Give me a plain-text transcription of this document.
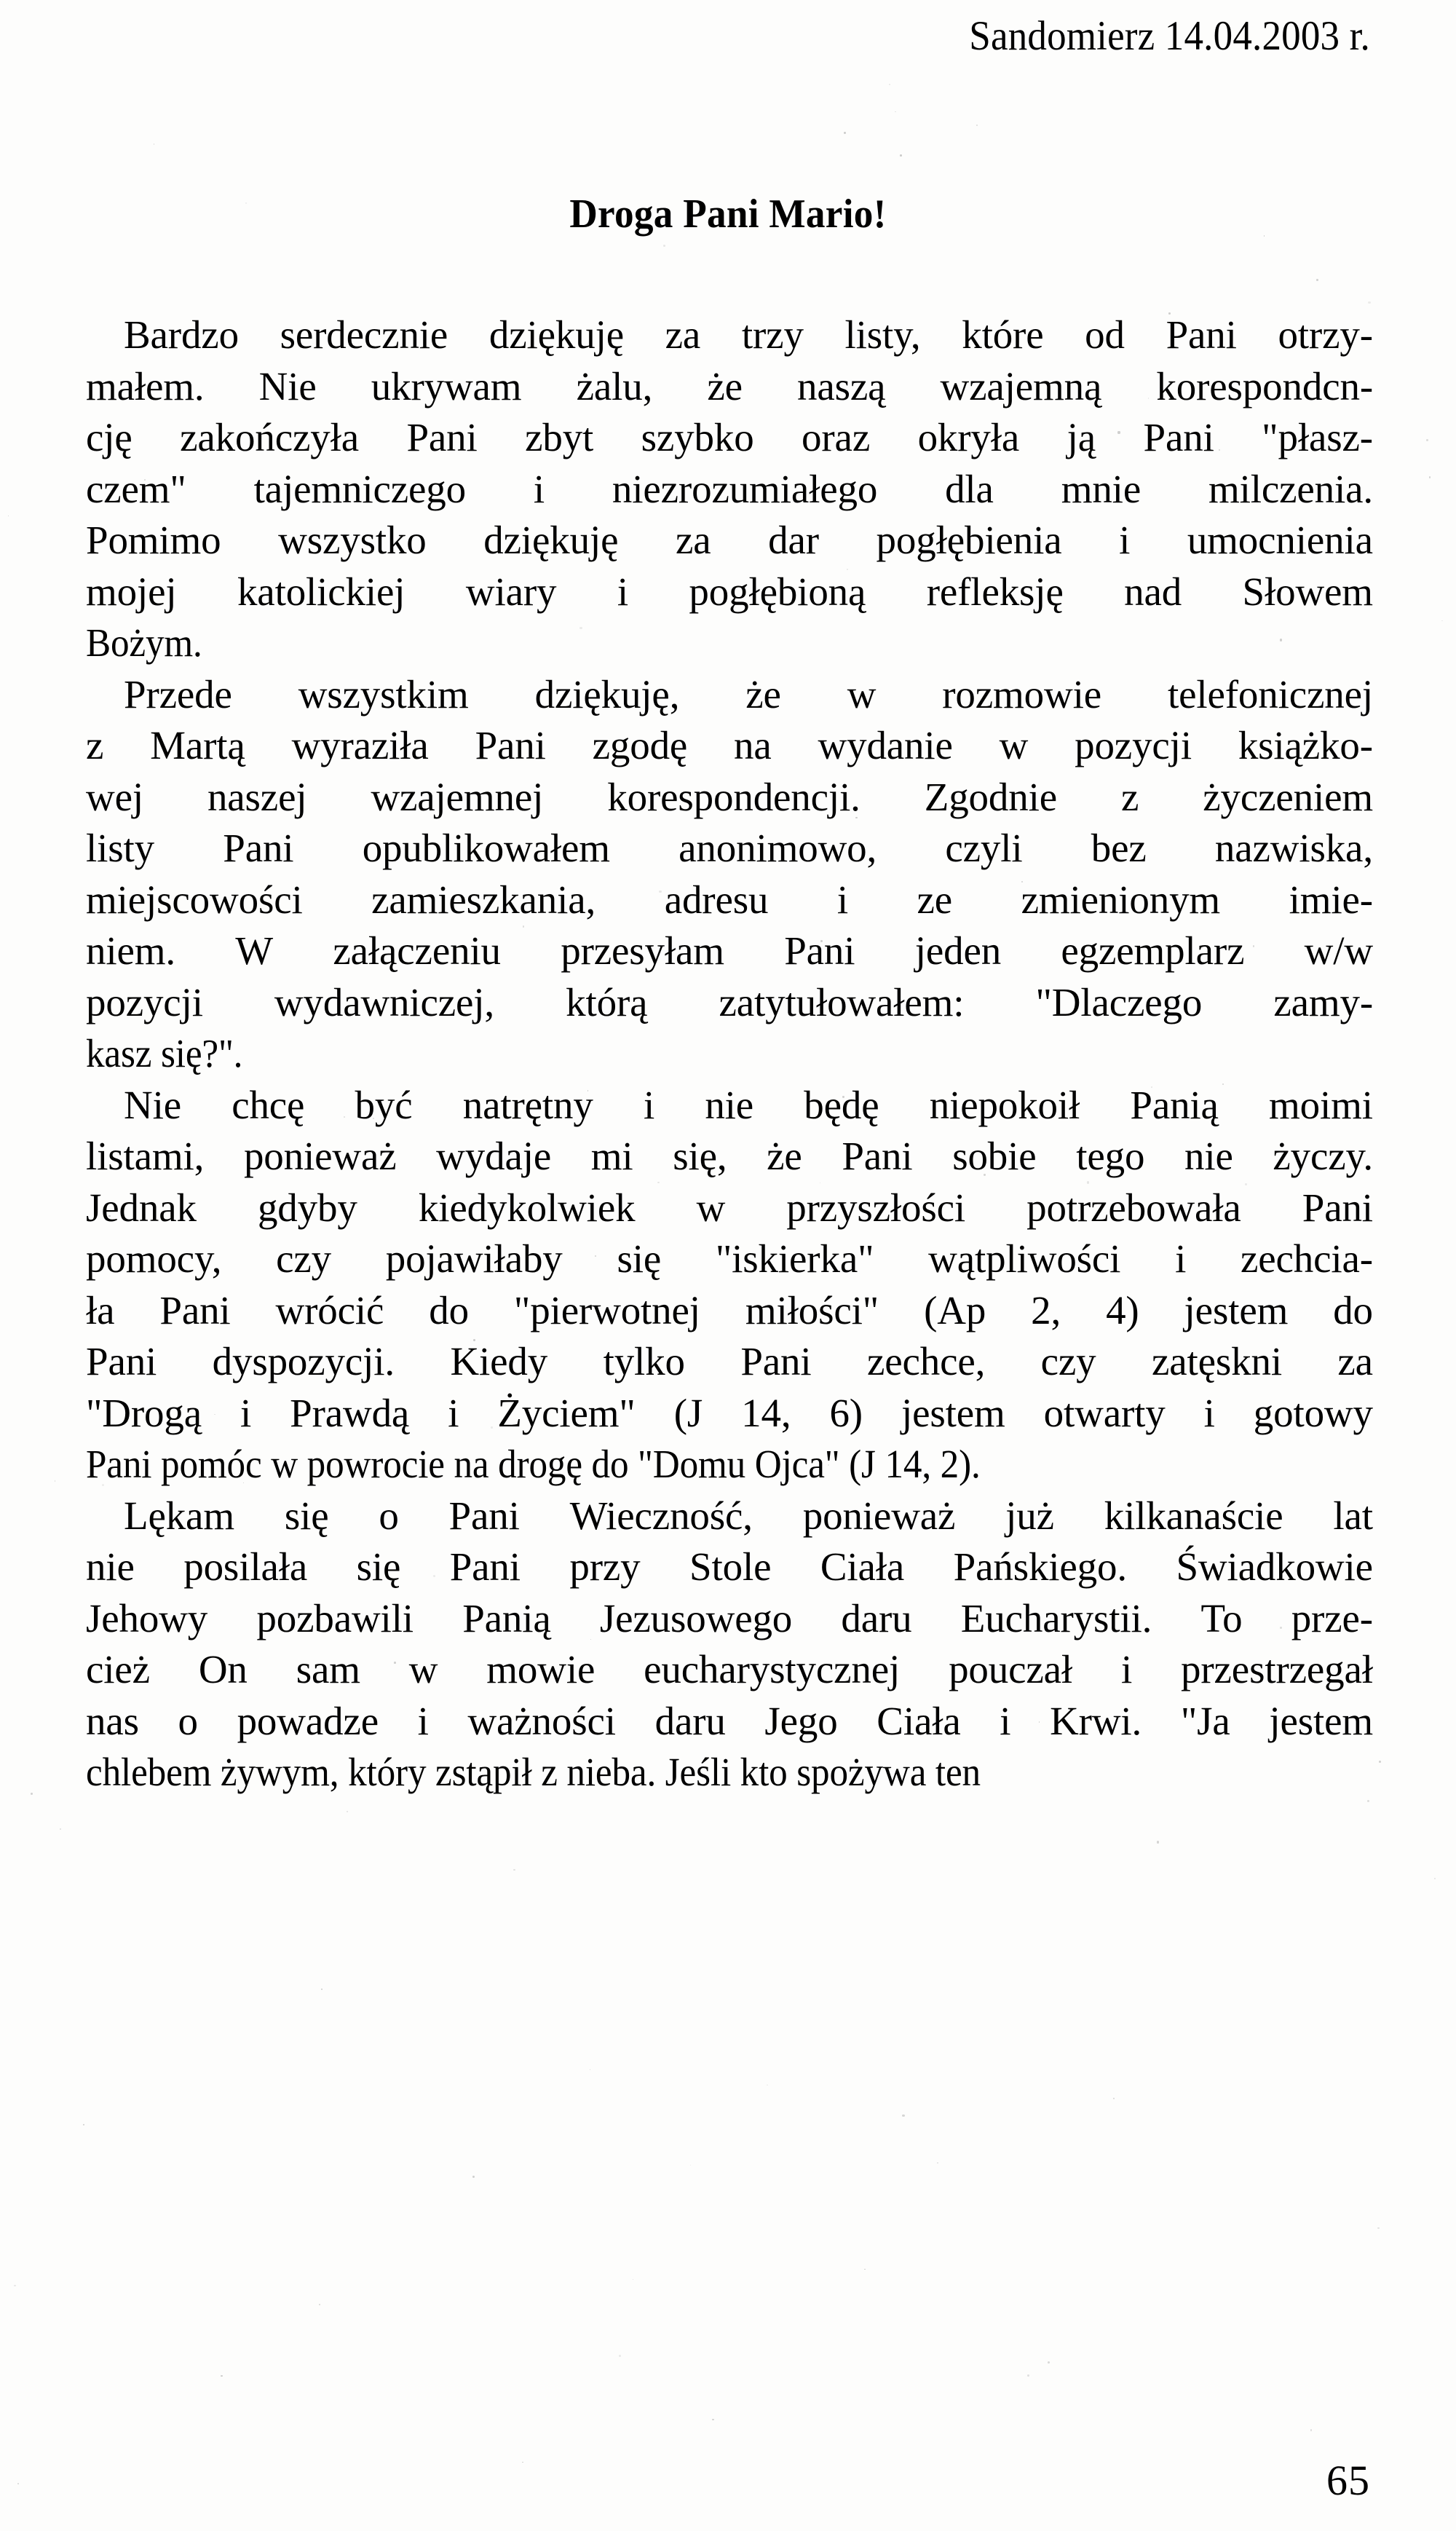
Sandomierz 14.04.2003 r.
Droga Pani Mario!

Bardzo serdecznie dziękuję za trzy listy, które od Pani otrzy-
małem. Nie ukrywam żalu, że naszą wzajemną korespondcn-
cję zakończyła Pani zbyt szybko oraz okryła ją Pani "płasz-
czem" tajemniczego i niezrozumiałego dla mnie milczenia.
Pomimo wszystko dziękuję za dar pogłębienia i umocnienia
mojej katolickiej wiary i pogłębioną refleksję nad Słowem
Bożym.

Przede wszystkim dziękuję, że w rozmowie telefonicznej
z Martą wyraziła Pani zgodę na wydanie w pozycji książko-
wej naszej wzajemnej korespondencji. Zgodnie z życzeniem
listy Pani opublikowałem anonimowo, czyli bez nazwiska,
miejscowości zamieszkania, adresu i ze zmienionym imie-
niem. W załączeniu przesyłam Pani jeden egzemplarz w/w
pozycji wydawniczej, którą zatytułowałem: "Dlaczego zamy-
kasz się?".

Nie chcę być natrętny i nie będę niepokoił Panią moimi
listami, ponieważ wydaje mi się, że Pani sobie tego nie życzy.
Jednak gdyby kiedykolwiek w przyszłości potrzebowała Pani
pomocy, czy pojawiłaby się "iskierka" wątpliwości i zechcia-
ła Pani wrócić do "pierwotnej miłości" (Ap 2, 4) jestem do
Pani dyspozycji. Kiedy tylko Pani zechce, czy zatęskni za
"Drogą i Prawdą i Życiem" (J 14, 6) jestem otwarty i gotowy
Pani pomóc w powrocie na drogę do "Domu Ojca" (J 14, 2).

Lękam się o Pani Wieczność, ponieważ już kilkanaście lat
nie posilała się Pani przy Stole Ciała Pańskiego. Świadkowie
Jehowy pozbawili Panią Jezusowego daru Eucharystii. To prze-
cież On sam w mowie eucharystycznej pouczał i przestrzegał
nas o powadze i ważności daru Jego Ciała i Krwi. "Ja jestem
chlebem żywym, który zstąpił z nieba. Jeśli kto spożywa ten

65
